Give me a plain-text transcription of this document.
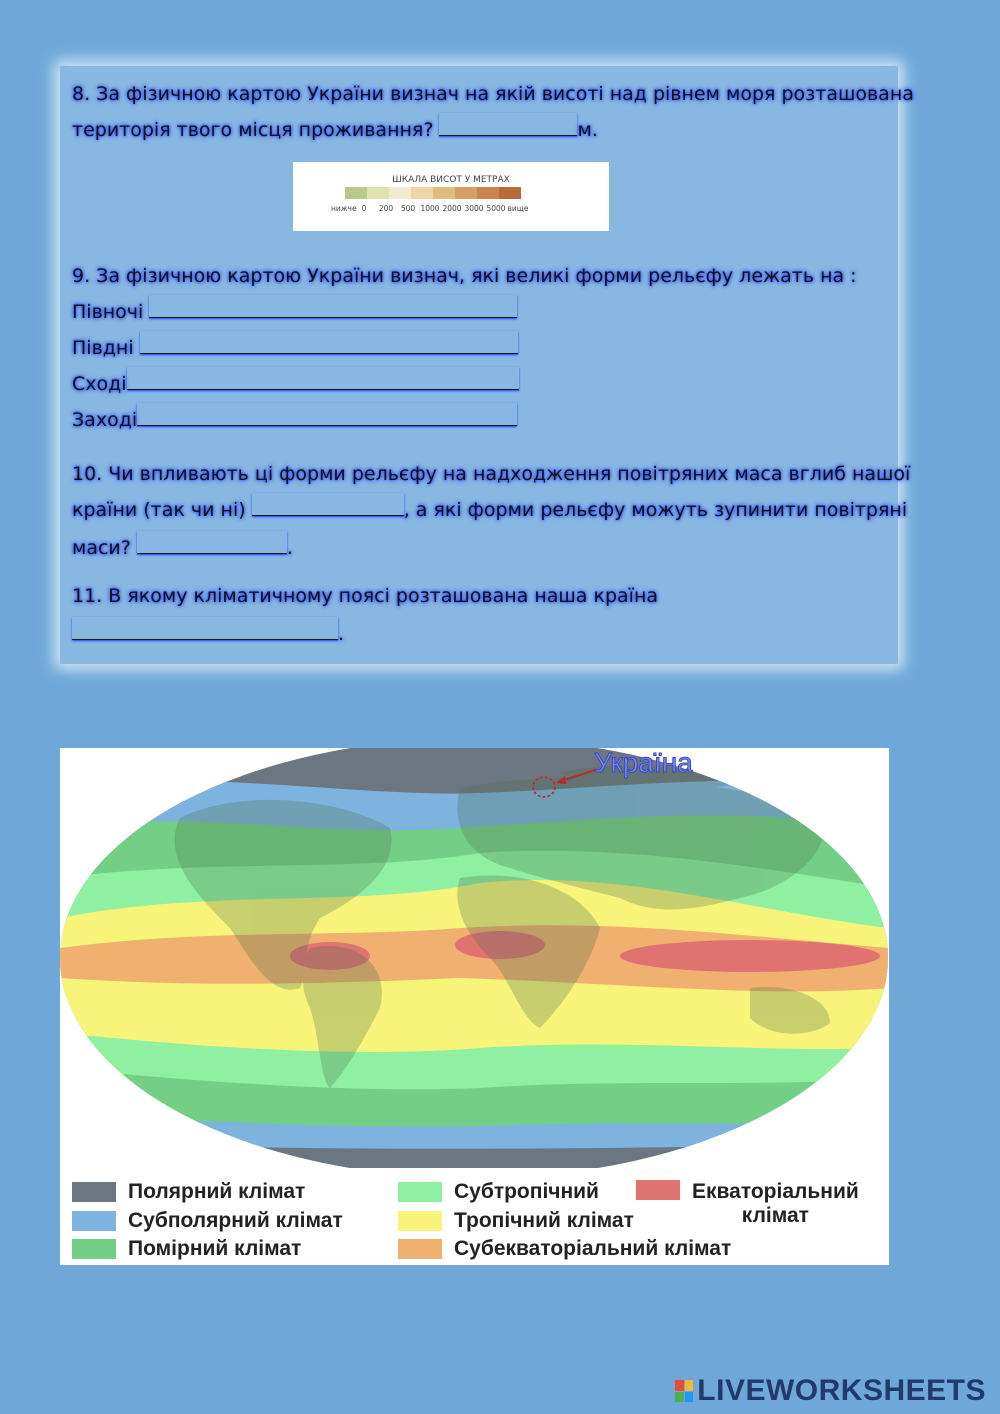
8. За фізичною картою України визнач на якій висоті над рівнем моря розташована

територія твого місця проживання?	м.

ШКАЛА ВИСОТ У МЕТРАХ
нижче 0	200	500 1000 2000 3000 5000 вище

9. За фізичною картою України визнач, які великі форми рельєфу лежать на :

Півночі

Півдні

Сході

Заході

10. Чи впливають ці форми рельєфу на надходження повітряних маса вглиб нашої

країни (так чи ні)	, а які форми рельєфу можуть зупинити повітряні

маси?	.

11. В якому кліматичному поясі розташована наша країна

.

Україна
Полярний клімат
Субполярний клімат
Помірний клімат
Субтропічний
Тропічний клімат
Субекваторіальний клімат
Екваторіальний
клімат
LIVEWORKSHEETS
